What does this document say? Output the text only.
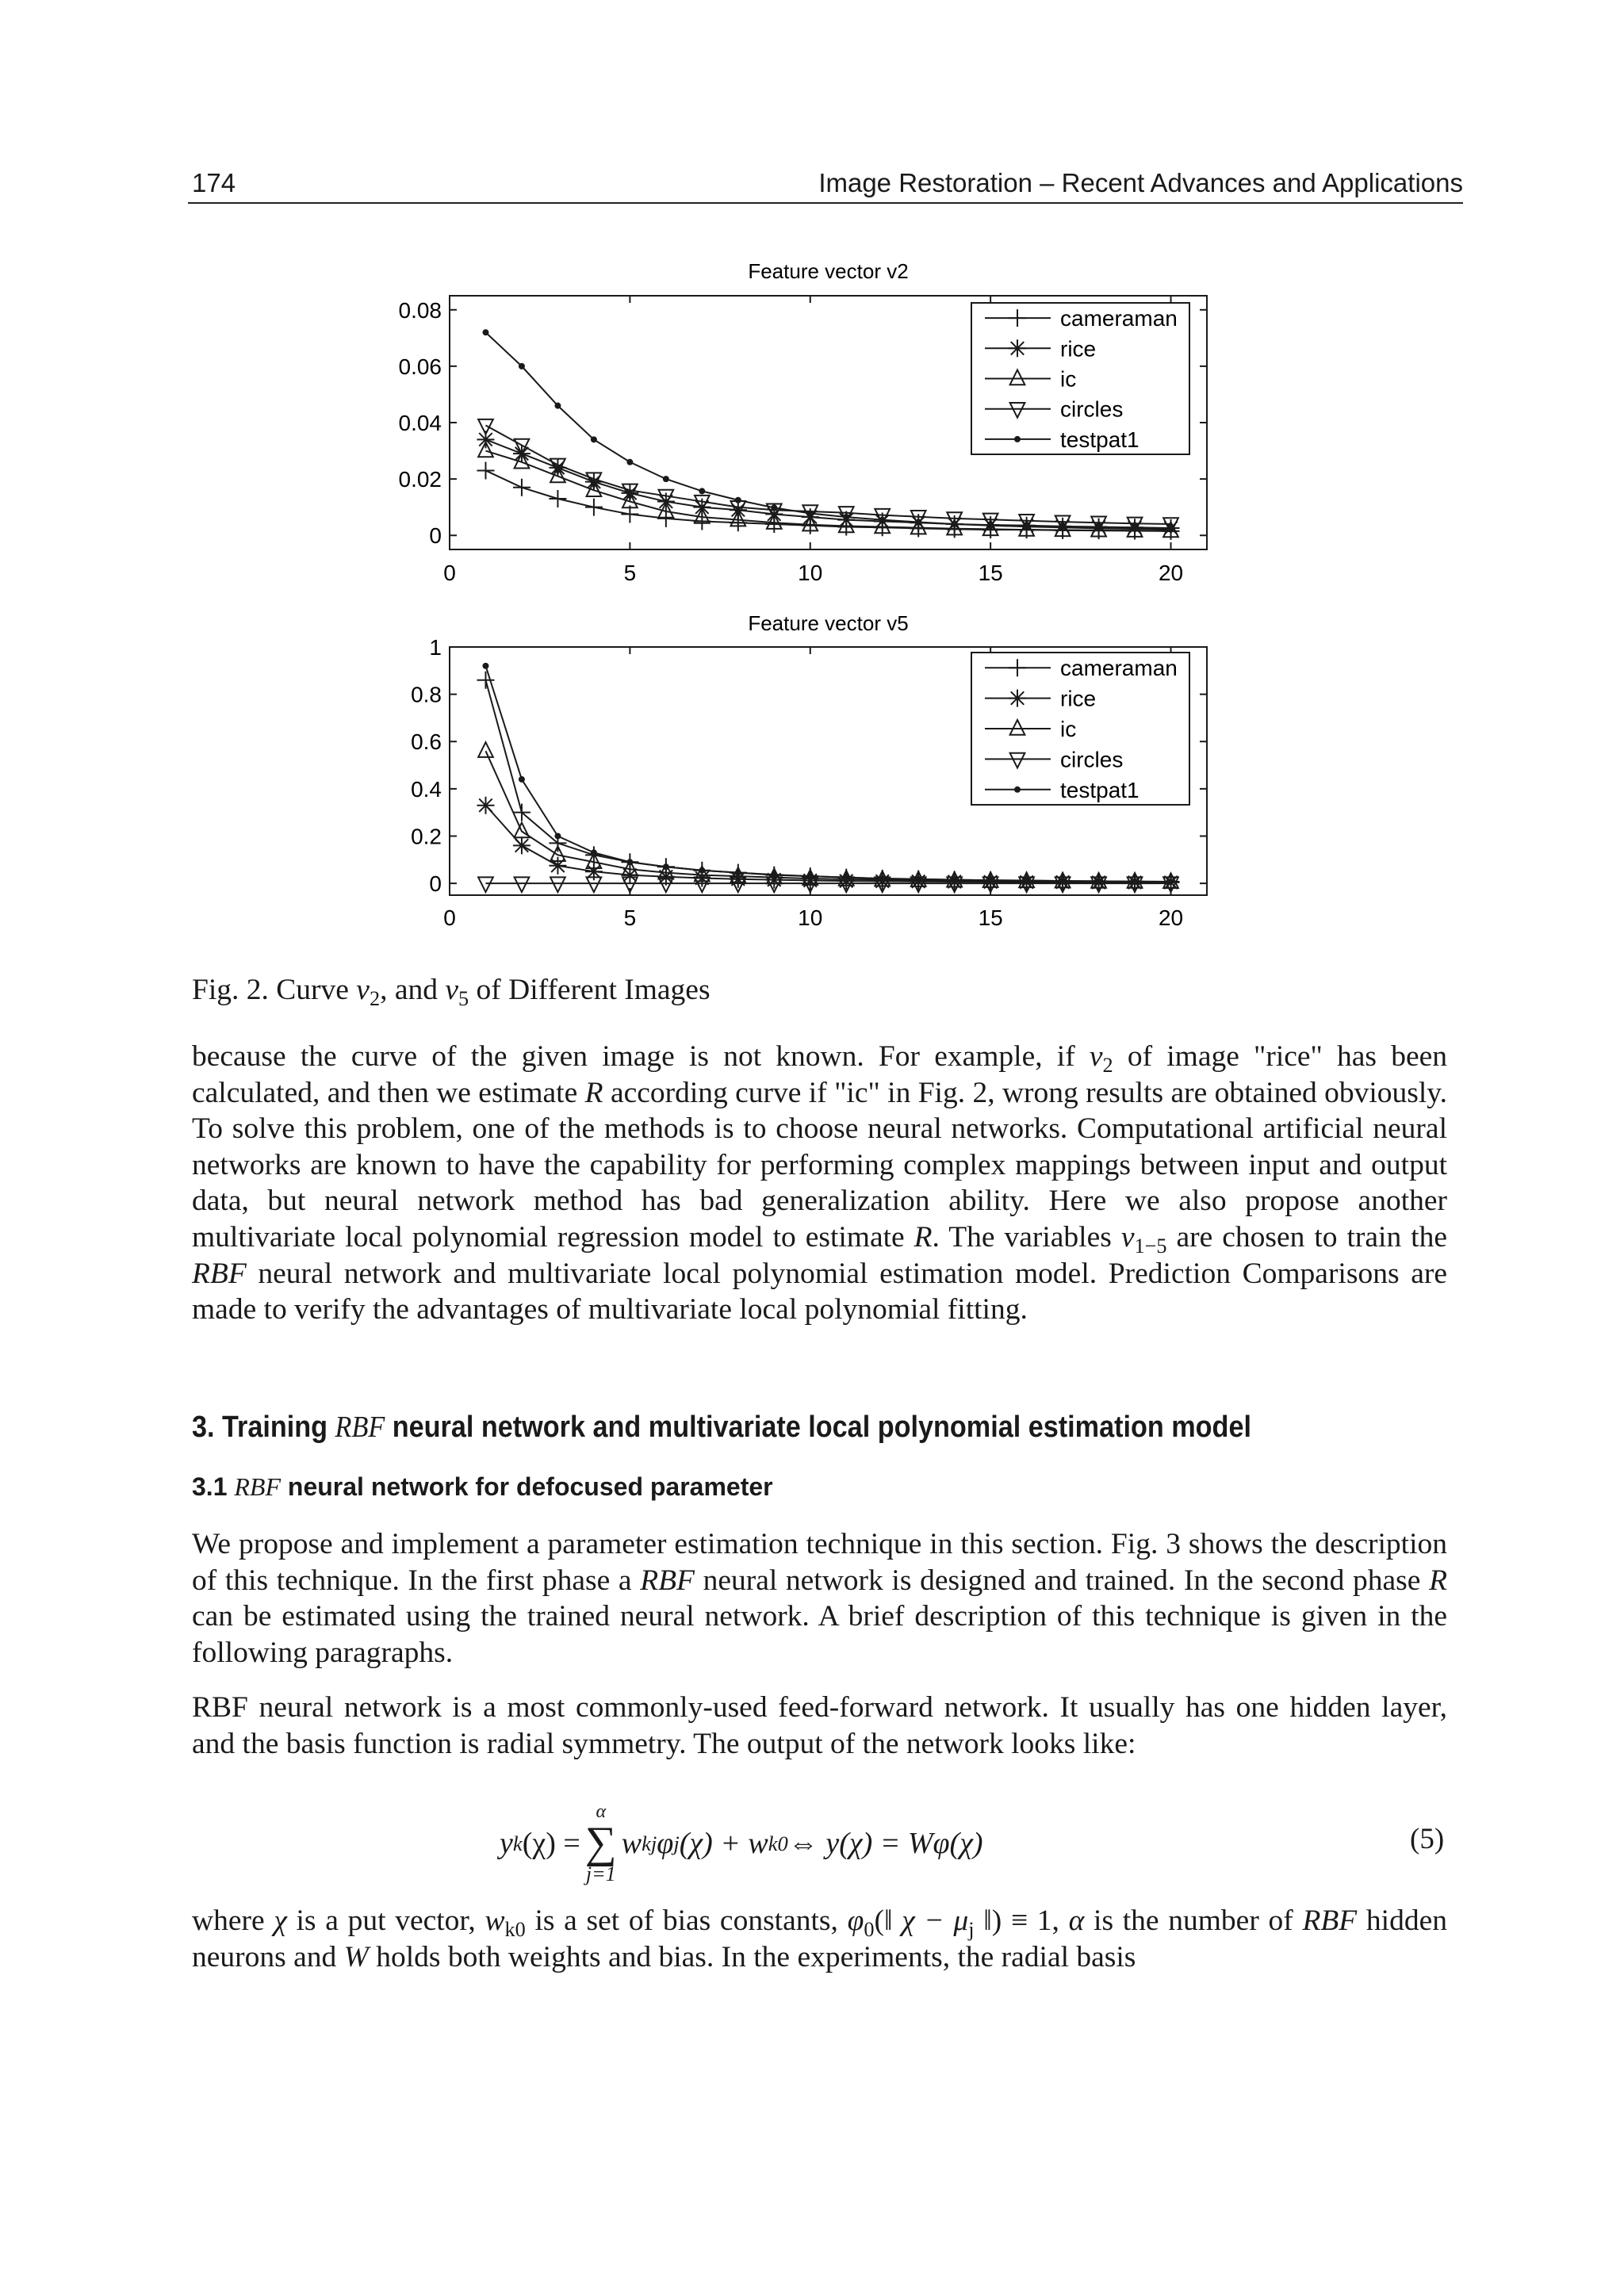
174	Image Restoration – Recent Advances and Applications
Feature vector v2
0	5	10	15	20
0
0.02
0.04
0.06
0.08	cameraman
rice
ic
circles
testpat1
Feature vector v5
0	5	10	15	20
0
0.2
0.4
0.6
0.8
1
cameraman
rice
ic
circles
testpat1
Fig. 2. Curve $v_2$, and $v_5$ of Different Images
because the curve of the given image is not known. For example, if $v_2$ of image "rice" has been calculated, and then we estimate R according curve if "ic" in Fig. 2, wrong results are obtained obviously. To solve this problem, one of the methods is to choose neural networks. Computational artificial neural networks are known to have the capability for performing complex mappings between input and output data, but neural network method has bad generalization ability. Here we also propose another multivariate local polynomial regression model to estimate R. The variables $v_{1-5}$ are chosen to train the RBF neural network and multivariate local polynomial estimation model. Prediction Comparisons are made to verify the advantages of multivariate local polynomial fitting.
3. Training RBF neural network and multivariate local polynomial estimation model
3.1 RBF neural network for defocused parameter
We propose and implement a parameter estimation technique in this section. Fig. 3 shows the description of this technique. In the first phase a RBF neural network is designed and trained. In the second phase R can be estimated using the trained neural network. A brief description of this technique is given in the following paragraphs.
RBF neural network is a most commonly-used feed-forward network. It usually has one hidden layer, and the basis function is radial symmetry. The output of the network looks like:
y k (χ) =
α
∑
j=1
w kj φ j (χ) + w k0 ⇔ y(χ) = Wφ(χ)	(5)
where χ is a put vector, $w_{k0}$ is a set of bias constants, $\varphi_0(‖$ $\chi - \mu_j$ ‖) ≡ 1, α is the number of RBF hidden neurons and W holds both weights and bias. In the experiments, the radial basis
